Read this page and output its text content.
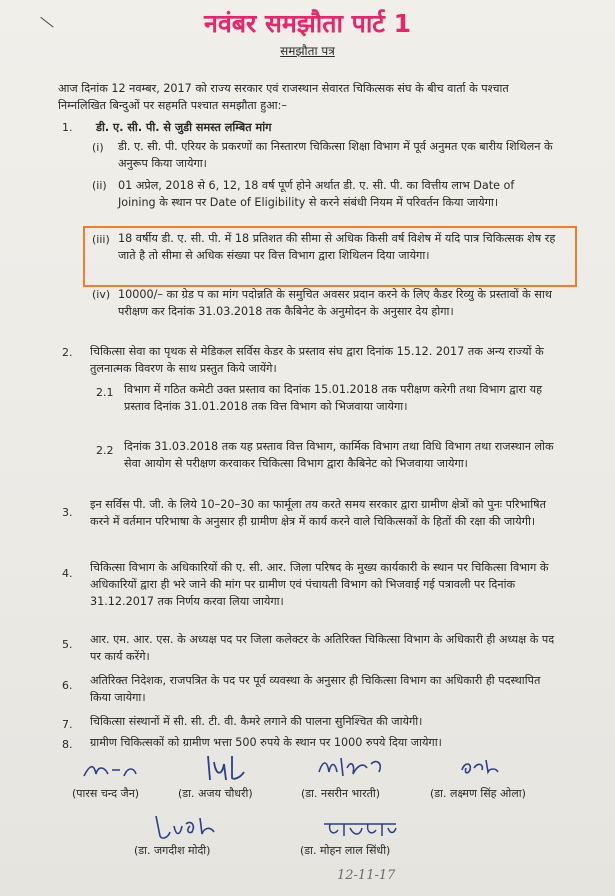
नवंबर समझौता पार्ट 1
समझौता पत्र
आज दिनांक 12 नवम्बर, 2017 को राज्य सरकार एवं राजस्थान सेवारत चिकित्सक संघ के बीच वार्ता के पश्चात निम्नलिखित बिन्दुओं पर सहमति पश्चात समझौता हुआ:–
1. डी. ए. सी. पी. से जुडी समस्त लम्बित मांग
(i) डी. ए. सी. पी. एरियर के प्रकरणों का निस्तारण चिकित्सा शिक्षा विभाग में पूर्व अनुमत एक बारीय शिथिलन के अनुरूप किया जायेगा।
(ii) 01 अप्रेल, 2018 से 6, 12, 18 वर्ष पूर्ण होने अर्थात डी. ए. सी. पी. का वित्तीय लाभ Date of Joining के स्थान पर Date of Eligibility से करने संबंधी नियम में परिवर्तन किया जायेगा।
(iii) 18 वर्षीय डी. ए. सी. पी. में 18 प्रतिशत की सीमा से अधिक किसी वर्ष विशेष में यदि पात्र चिकित्सक शेष रह जाते है तो सीमा से अधिक संख्या पर वित्त विभाग द्वारा शिथिलन दिया जायेगा।
(iv) 10000/– का ग्रेड प का मांग पदोन्नति के समुचित अवसर प्रदान करने के लिए कैडर रिव्यु के प्रस्तावों के साथ परीक्षण कर दिनांक 31.03.2018 तक कैबिनेट के अनुमोदन के अनुसार देय होगा।
2. चिकित्सा सेवा का पृथक से मेडिकल सर्विस केडर के प्रस्ताव संघ द्वारा दिनांक 15.12. 2017 तक अन्य राज्यों के तुलनात्मक विवरण के साथ प्रस्तुत किये जायेंगे।
2.1 विभाग में गठित कमेटी उक्त प्रस्ताव का दिनांक 15.01.2018 तक परीक्षण करेगी तथा विभाग द्वारा यह प्रस्ताव दिनांक 31.01.2018 तक वित्त विभाग को भिजवाया जायेगा।
2.2 दिनांक 31.03.2018 तक यह प्रस्ताव वित्त विभाग, कार्मिक विभाग तथा विधि विभाग तथा राजस्थान लोक सेवा आयोग से परीक्षण करवाकर चिकित्सा विभाग द्वारा कैबिनेट को भिजवाया जायेगा।
3.
इन सर्विस पी. जी. के लिये 10–20–30 का फार्मूला तय करते समय सरकार द्वारा ग्रामीण क्षेत्रों को पुनः परिभाषित करने में वर्तमान परिभाषा के अनुसार ही ग्रामीण क्षेत्र में कार्य करने वाले चिकित्सकों के हितों की रक्षा की जायेगी।
4. चिकित्सा विभाग के अधिकारियों की ए. सी. आर. जिला परिषद के मुख्य कार्यकारी के स्थान पर चिकित्सा विभाग के अधिकारियों द्वारा ही भरे जाने की मांग पर ग्रामीण एवं पंचायती विभाग को भिजवाई गई पत्रावली पर दिनांक 31.12.2017 तक निर्णय करवा लिया जायेगा।
5. आर. एम. आर. एस. के अध्यक्ष पद पर जिला कलेक्टर के अतिरिक्त चिकित्सा विभाग के अधिकारी ही अध्यक्ष के पद पर कार्य करेंगे।
6. अतिरिक्त निदेशक, राजपत्रित के पद पर पूर्व व्यवस्था के अनुसार ही चिकित्सा विभाग का अधिकारी ही पदस्थापित किया जायेगा।
7. चिकित्सा संस्थानों में सी. सी. टी. वी. कैमरे लगाने की पालना सुनिश्चित की जायेगी।
8. ग्रामीण चिकित्सकों को ग्रामीण भत्ता 500 रुपये के स्थान पर 1000 रुपये दिया जायेगा।
(पारस चन्द जैन)	(डा. अजय चौधरी)	(डा. नसरीन भारती)	(डा. लक्ष्मण सिंह ओला)
(डा. जगदीश मोदी)	(डा. मोहन लाल सिंधी)
12-11-17
